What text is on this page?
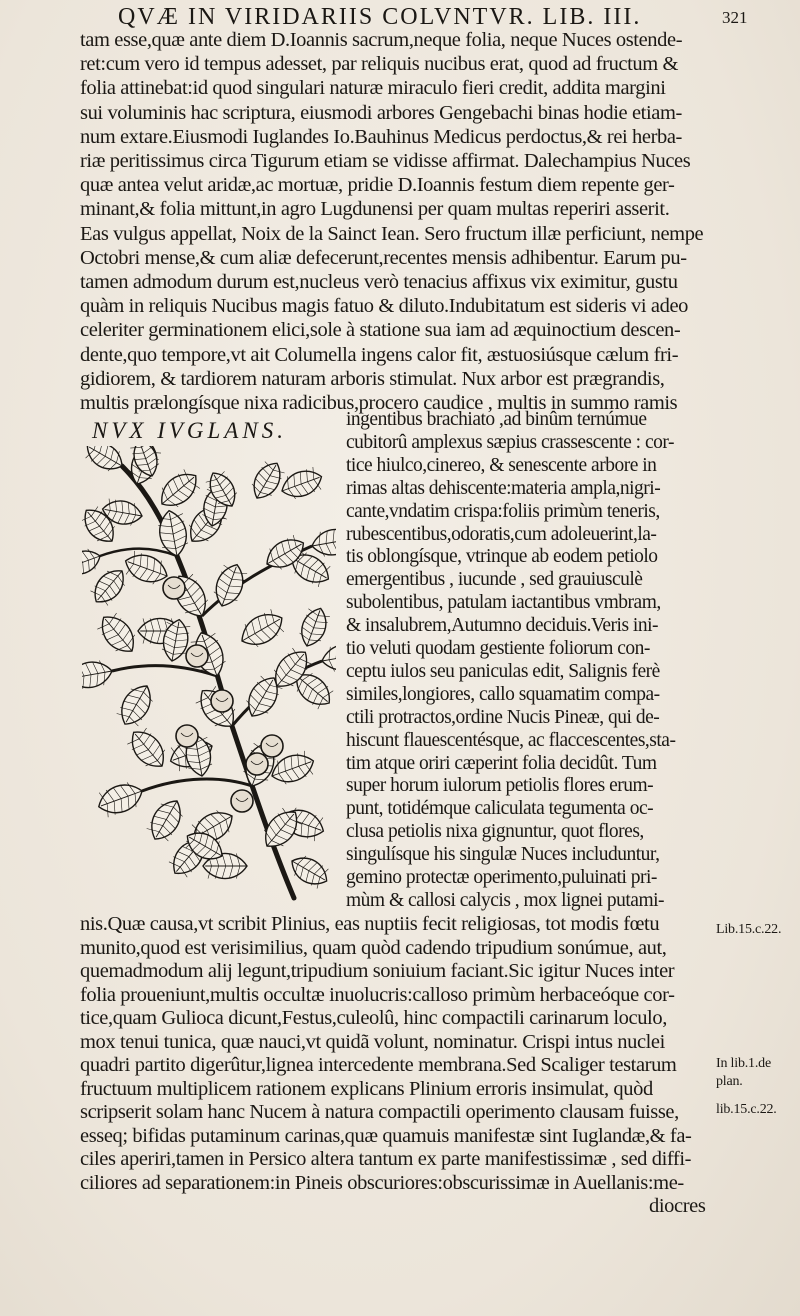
QVÆ IN VIRIDARIIS COLVNTVR. LIB. III.	321
tam esse,quæ ante diem D.Ioannis sacrum,neque folia, neque Nuces ostende-
ret:cum vero id tempus adesset, par reliquis nucibus erat, quod ad fructum &
folia attinebat:id quod singulari naturæ miraculo fieri credit, addita margini
sui voluminis hac scriptura, eiusmodi arbores Gengebachi binas hodie etiam-
num extare.Eiusmodi Iuglandes Io.Bauhinus Medicus perdoctus,& rei herba-
riæ peritissimus circa Tigurum etiam se vidisse affirmat. Dalechampius Nuces
quæ antea velut aridæ,ac mortuæ, pridie D.Ioannis festum diem repente ger-
minant,& folia mittunt,in agro Lugdunensi per quam multas reperiri asserit.
Eas vulgus appellat, Noix de la Sainct Iean. Sero fructum illæ perficiunt, nempe
Octobri mense,& cum aliæ defecerunt,recentes mensis adhibentur. Earum pu-
tamen admodum durum est,nucleus verò tenacius affixus vix eximitur, gustu
quàm in reliquis Nucibus magis fatuo & diluto.Indubitatum est sideris vi adeo
celeriter germinationem elici,sole à statione sua iam ad æquinoctium descen-
dente,quo tempore,vt ait Columella ingens calor fit, æstuosiúsque cælum fri-
gidiorem, & tardiorem naturam arboris stimulat. Nux arbor est prægrandis,
multis prælongísque nixa radicibus,procero caudice , multis in summo ramis
ingentibus brachiato ,ad binûm ternúmue
cubitorû amplexus sæpius crassescente : cor-
tice hiulco,cinereo, & senescente arbore in
rimas altas dehiscente:materia ampla,nigri-
cante,vndatim crispa:foliis primùm teneris,
rubescentibus,odoratis,cum adoleuerint,la-
tis oblongísque, vtrinque ab eodem petiolo
emergentibus , iucunde , sed grauiusculè
subolentibus, patulam iactantibus vmbram,
& insalubrem,Autumno deciduis.Veris ini-
tio veluti quodam gestiente foliorum con-
ceptu iulos seu paniculas edit, Salignis ferè
similes,longiores, callo squamatim compa-
ctili protractos,ordine Nucis Pineæ, qui de-
hiscunt flauescentésque, ac flaccescentes,sta-
tim atque oriri cæperint folia decidût. Tum
super horum iulorum petiolis flores erum-
punt, totidémque caliculata tegumenta oc-
clusa petiolis nixa gignuntur, quot flores,
singulísque his singulæ Nuces includuntur,
gemino protectæ operimento,puluinati pri-
mùm & callosi calycis , mox lignei putami-
nis.Quæ causa,vt scribit Plinius, eas nuptiis fecit religiosas, tot modis fœtu
munito,quod est verisimilius, quam quòd cadendo tripudium sonúmue, aut,
quemadmodum alij legunt,tripudium soniuium faciant.Sic igitur Nuces inter
folia proueniunt,multis occultæ inuolucris:calloso primùm herbaceóque cor-
tice,quam Gulioca dicunt,Festus,culeolû, hinc compactili carinarum loculo,
mox tenui tunica, quæ nauci,vt quidã volunt, nominatur. Crispi intus nuclei
quadri partito digerûtur,lignea intercedente membrana.Sed Scaliger testarum
fructuum multiplicem rationem explicans Plinium erroris insimulat, quòd
scripserit solam hanc Nucem à natura compactili operimento clausam fuisse,
esseq; bifidas putaminum carinas,quæ quamuis manifestæ sint Iuglandæ,& fa-
ciles aperiri,tamen in Persico altera tantum ex parte manifestissimæ , sed diffi-
ciliores ad separationem:in Pineis obscuriores:obscurissimæ in Auellanis:me-
diocres
NVX IVGLANS.
Lib.15.c.22.
In lib.1.de
plan.
lib.15.c.22.
